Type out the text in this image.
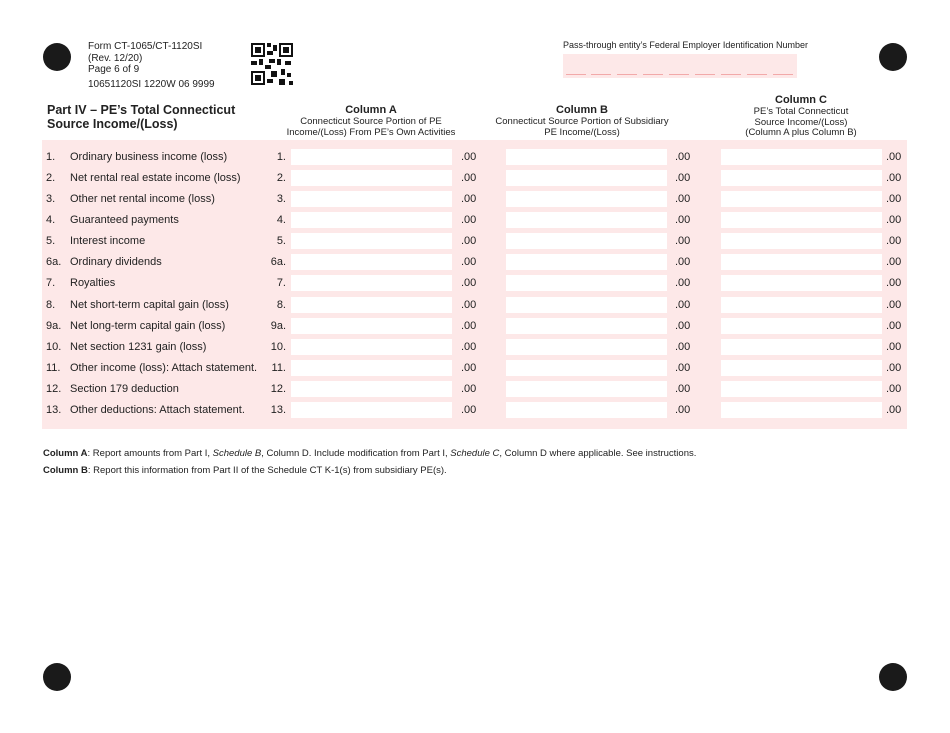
Form CT-1065/CT-1120SI
(Rev. 12/20)
Page 6 of 9
10651120SI 1220W 06 9999
Pass-through entity’s Federal Employer Identification Number
Part IV – PE’s Total Connecticut
Source Income/(Loss)
Column A
Connecticut Source Portion of PE
Income/(Loss) From PE’s Own Activities
Column B
Connecticut Source Portion of Subsidiary
PE Income/(Loss)
Column C
PE’s Total Connecticut
Source Income/(Loss)
(Column A plus Column B)
1. Ordinary business income (loss)	1.	.00	.00	.00
2. Net rental real estate income (loss)	2.	.00	.00	.00
3. Other net rental income (loss)	3.	.00	.00	.00
4. Guaranteed payments	4.	.00	.00	.00
5. Interest income	5.	.00	.00	.00
6a. Ordinary dividends	6a.	.00	.00	.00
7. Royalties	7.	.00	.00	.00
8. Net short-term capital gain (loss)	8.	.00	.00	.00
9a. Net long-term capital gain (loss)	9a.	.00	.00	.00
10. Net section 1231 gain (loss)	10.	.00	.00	.00
11. Other income (loss): Attach statement.	11.	.00	.00	.00
12. Section 179 deduction	12.	.00	.00	.00
13. Other deductions: Attach statement.	13.	.00	.00	.00
Column A: Report amounts from Part I, Schedule B, Column D. Include modification from Part I, Schedule C, Column D where applicable. See instructions.
Column B: Report this information from Part II of the Schedule CT K-1(s) from subsidiary PE(s).
